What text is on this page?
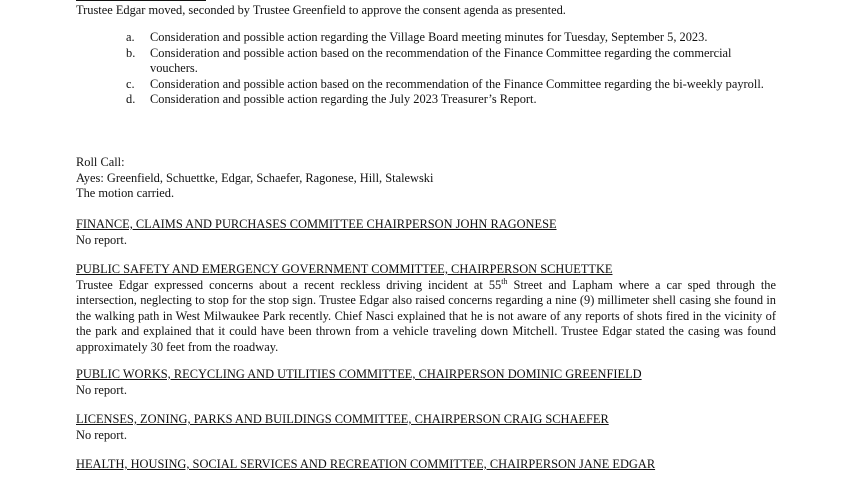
Trustee Edgar moved, seconded by Trustee Greenfield to approve the consent agenda as presented.
a. Consideration and possible action regarding the Village Board meeting minutes for Tuesday, September 5, 2023.
b. Consideration and possible action based on the recommendation of the Finance Committee regarding the commercial vouchers.
c. Consideration and possible action based on the recommendation of the Finance Committee regarding the bi-weekly payroll.
d. Consideration and possible action regarding the July 2023 Treasurer’s Report.
Roll Call:
Ayes: Greenfield, Schuettke, Edgar, Schaefer, Ragonese, Hill, Stalewski
The motion carried.
FINANCE, CLAIMS AND PURCHASES COMMITTEE CHAIRPERSON JOHN RAGONESE
No report.
PUBLIC SAFETY AND EMERGENCY GOVERNMENT COMMITTEE, CHAIRPERSON SCHUETTKE
Trustee Edgar expressed concerns about a recent reckless driving incident at 55th Street and Lapham where a car sped through the intersection, neglecting to stop for the stop sign. Trustee Edgar also raised concerns regarding a nine (9) millimeter shell casing she found in the walking path in West Milwaukee Park recently. Chief Nasci explained that he is not aware of any reports of shots fired in the vicinity of the park and explained that it could have been thrown from a vehicle traveling down Mitchell. Trustee Edgar stated the casing was found approximately 30 feet from the roadway.
PUBLIC WORKS, RECYCLING AND UTILITIES COMMITTEE, CHAIRPERSON DOMINIC GREENFIELD
No report.
LICENSES, ZONING, PARKS AND BUILDINGS COMMITTEE, CHAIRPERSON CRAIG SCHAEFER
No report.
HEALTH, HOUSING, SOCIAL SERVICES AND RECREATION COMMITTEE, CHAIRPERSON JANE EDGAR
